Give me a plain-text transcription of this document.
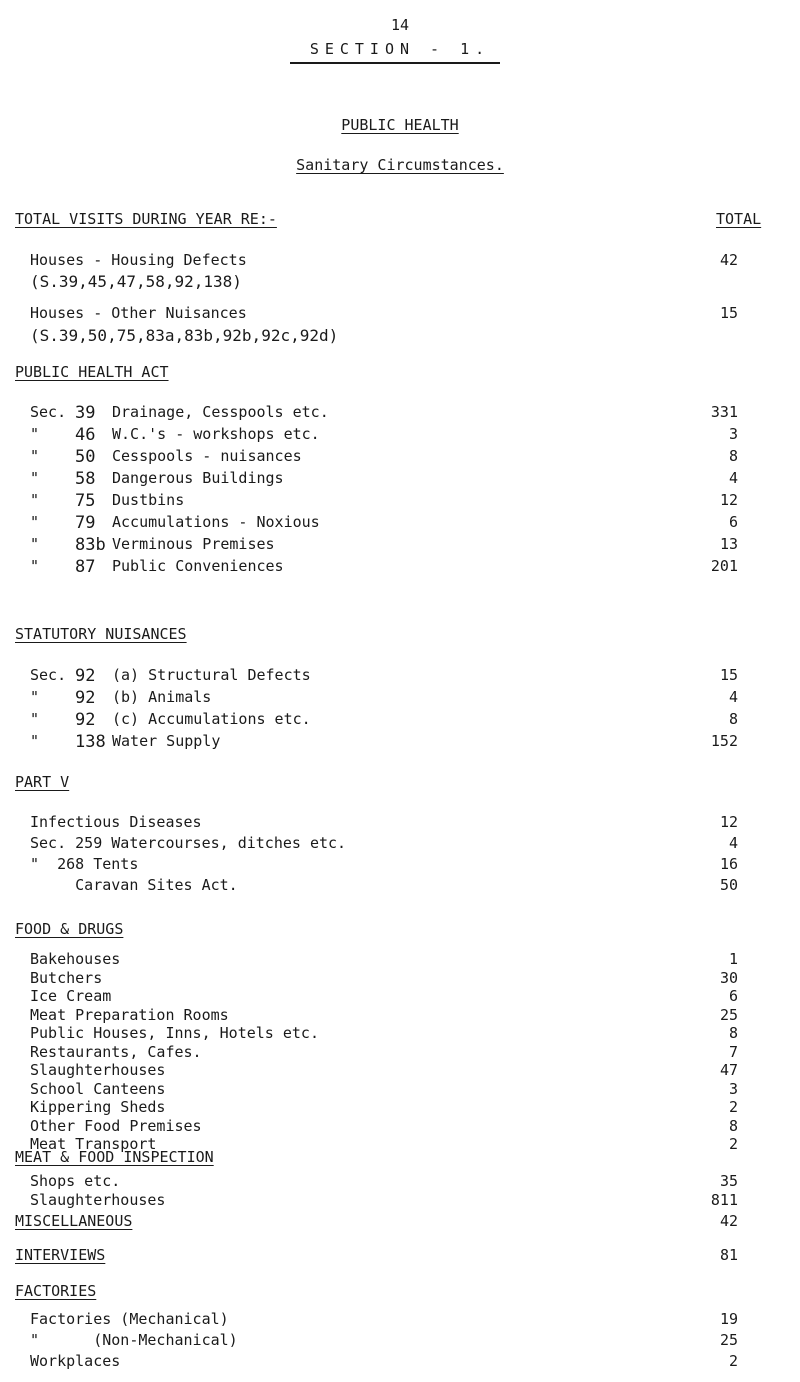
14
SECTION - 1.
PUBLIC HEALTH
Sanitary Circumstances.
TOTAL VISITS DURING YEAR RE:-	TOTAL
Houses - Housing Defects	42
(S.39,45,47,58,92,138)
Houses - Other Nuisances	15
(S.39,50,75,83a,83b,92b,92c,92d)
PUBLIC HEALTH ACT
Sec. 39 Drainage, Cesspools etc.	331
" 46 W.C.'s - workshops etc.	3
" 50 Cesspools - nuisances	8
" 58 Dangerous Buildings	4
" 75 Dustbins	12
" 79 Accumulations - Noxious	6
" 83b Verminous Premises	13
" 87 Public Conveniences	201
STATUTORY NUISANCES
Sec. 92 (a) Structural Defects	15
" 92 (b) Animals	4
" 92 (c) Accumulations etc.	8
" 138 Water Supply	152
PART V
Infectious Diseases	12
Sec. 259 Watercourses, ditches etc.	4
"  268 Tents	16
Caravan Sites Act.	50
FOOD & DRUGS
Bakehouses	1
Butchers	30
Ice Cream	6
Meat Preparation Rooms	25
Public Houses, Inns, Hotels etc.	8
Restaurants, Cafes.	7
Slaughterhouses	47
School Canteens	3
Kippering Sheds	2
Other Food Premises	8
Meat Transport	2
MEAT & FOOD INSPECTION
Shops etc.	35
Slaughterhouses	811
MISCELLANEOUS	42
INTERVIEWS	81
FACTORIES
Factories (Mechanical)	19
"      (Non-Mechanical)	25
Workplaces	2
